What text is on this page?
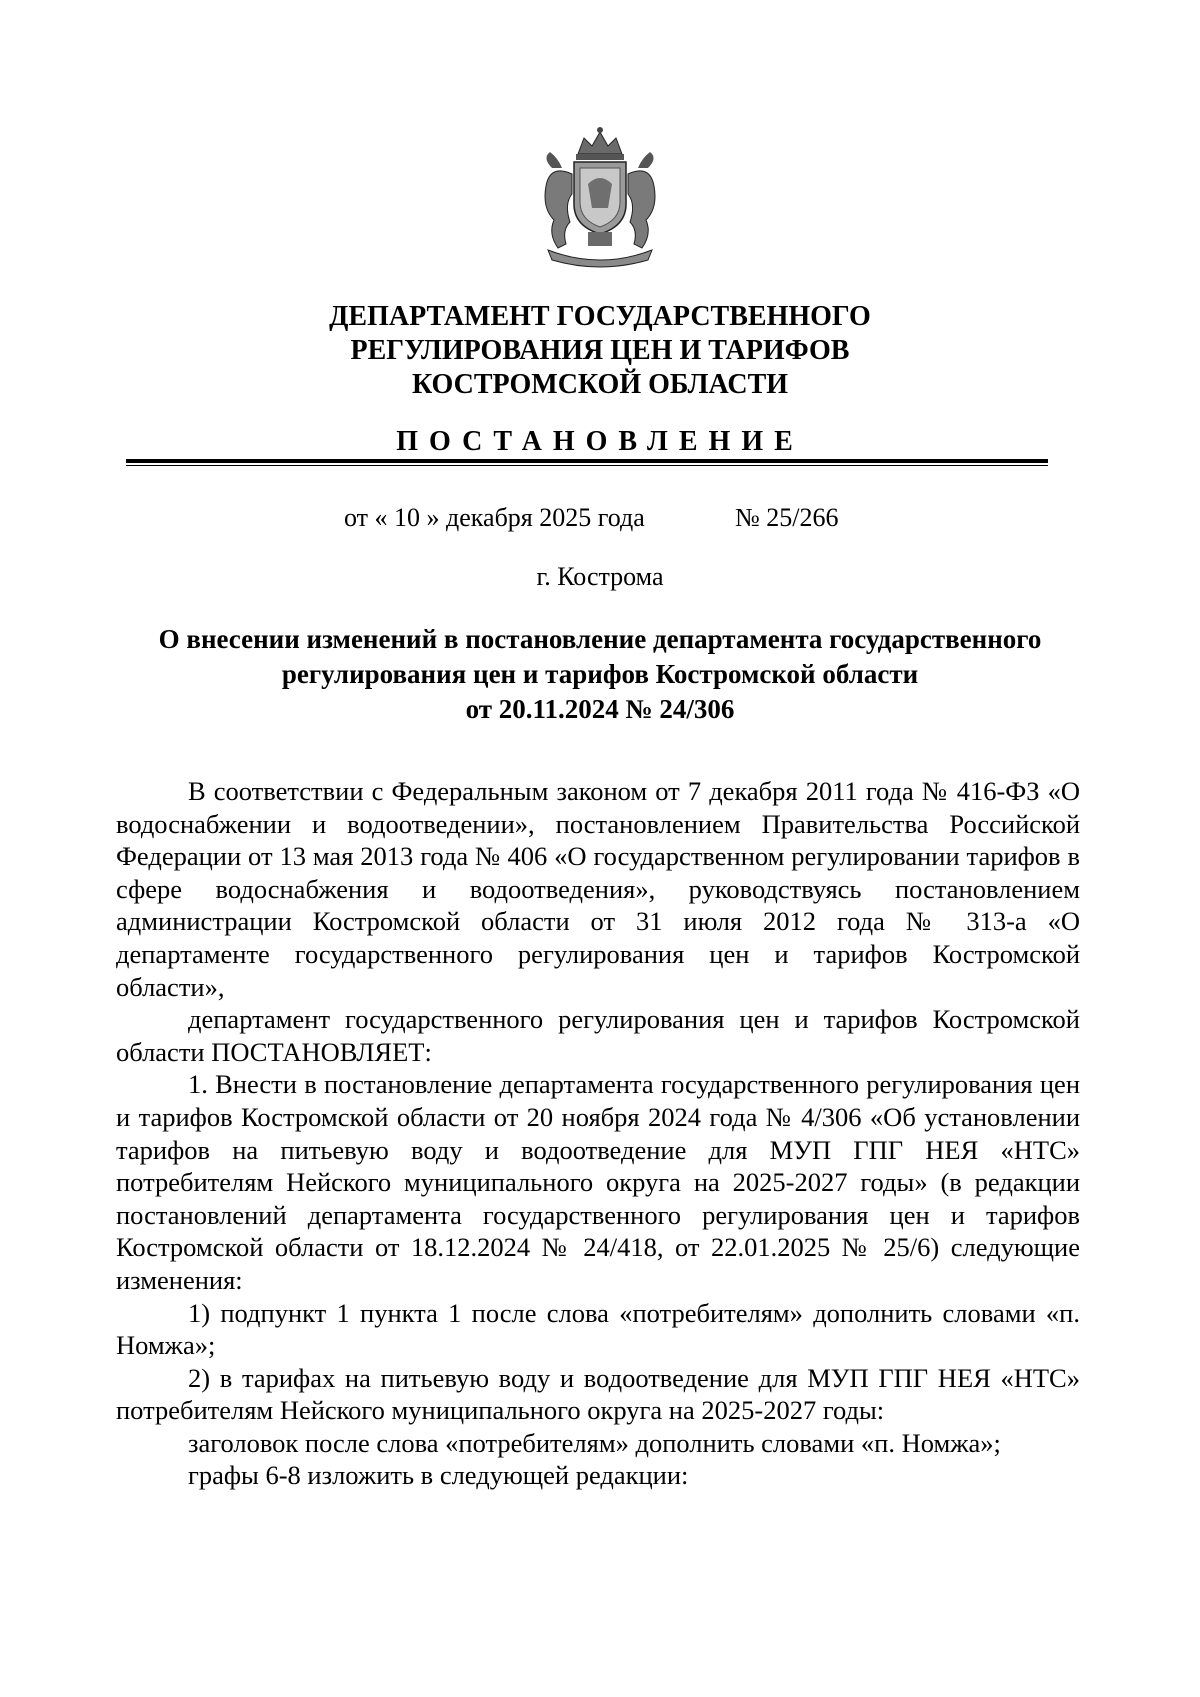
ДЕПАРТАМЕНТ ГОСУДАРСТВЕННОГО
РЕГУЛИРОВАНИЯ ЦЕН И ТАРИФОВ
КОСТРОМСКОЙ ОБЛАСТИ
ПОСТАНОВЛЕНИЕ
от « 10 » декабря 2025 года	№ 25/266
г. Кострома
О внесении изменений в постановление департамента государственного
регулирования цен и тарифов Костромской области
от 20.11.2024 № 24/306

В соответствии с Федеральным законом от 7 декабря 2011 года № 416-ФЗ «О водоснабжении и водоотведении», постановлением Правительства Российской Федерации от 13 мая 2013 года № 406 «О государственном регулировании тарифов в сфере водоснабжения и водоотведения», руководствуясь постановлением администрации Костромской области от 31 июля 2012 года № 313-а «О департаменте государственного регулирования цен и тарифов Костромской области»,

департамент государственного регулирования цен и тарифов Костромской области ПОСТАНОВЛЯЕТ:

1. Внести в постановление департамента государственного регулирования цен и тарифов Костромской области от 20 ноября 2024 года № 4/306 «Об установлении тарифов на питьевую воду и водоотведение для МУП ГПГ НЕЯ «НТС» потребителям Нейского муниципального округа на 2025-2027 годы» (в редакции постановлений департамента государственного регулирования цен и тарифов Костромской области от 18.12.2024 № 24/418, от 22.01.2025 № 25/6) следующие изменения:

1) подпункт 1 пункта 1 после слова «потребителям» дополнить словами «п. Номжа»;

2) в тарифах на питьевую воду и водоотведение для МУП ГПГ НЕЯ «НТС» потребителям Нейского муниципального округа на 2025-2027 годы:

заголовок после слова «потребителям» дополнить словами «п. Номжа»;

графы 6-8 изложить в следующей редакции:
